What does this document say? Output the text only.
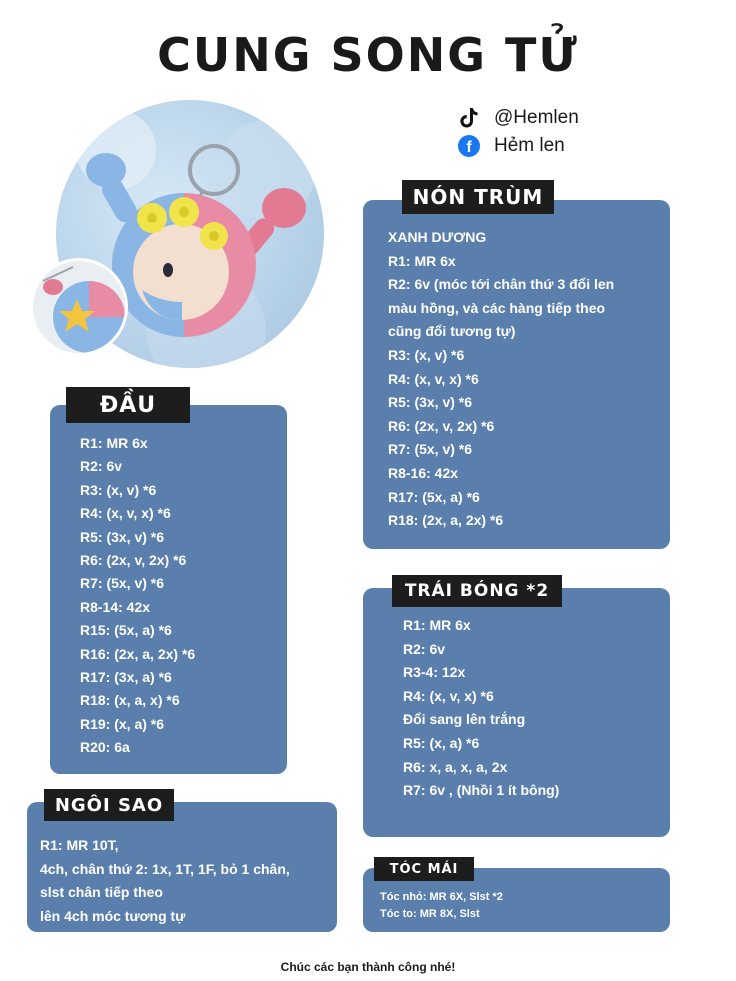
CUNG SONG TỬ
@Hemlen
f	Hẻm len
NÓN TRÙM
XANH DƯƠNG
R1: MR 6x
R2: 6v (móc tới chân thứ 3 đổi len
màu hồng, và các hàng tiếp theo
cũng đổi tương tự)
R3: (x, v) *6
R4: (x, v, x) *6
R5: (3x, v) *6
R6: (2x, v, 2x) *6
R7: (5x, v) *6
R8-16: 42x
R17: (5x, a) *6
R18: (2x, a, 2x) *6
ĐẦU
R1: MR 6x
R2: 6v
R3: (x, v) *6
R4: (x, v, x) *6
R5: (3x, v) *6
R6: (2x, v, 2x) *6
R7: (5x, v) *6
R8-14: 42x
R15: (5x, a) *6
R16: (2x, a, 2x) *6
R17: (3x, a) *6
R18: (x, a, x) *6
R19: (x, a) *6
R20: 6a
TRÁI BÓNG *2
R1: MR 6x
R2: 6v
R3-4: 12x
R4: (x, v, x) *6
Đổi sang lên trắng
R5: (x, a) *6
R6: x, a, x, a, 2x
R7: 6v , (Nhồi 1 ít bông)
NGÔI SAO
R1: MR 10T,
4ch, chân thứ 2: 1x, 1T, 1F, bỏ 1 chân,
slst chân tiếp theo
lên 4ch móc tương tự
TÓC MÁI
Tóc nhỏ: MR 6X, Slst *2
Tóc to: MR 8X, Slst
Chúc các bạn thành công nhé!
